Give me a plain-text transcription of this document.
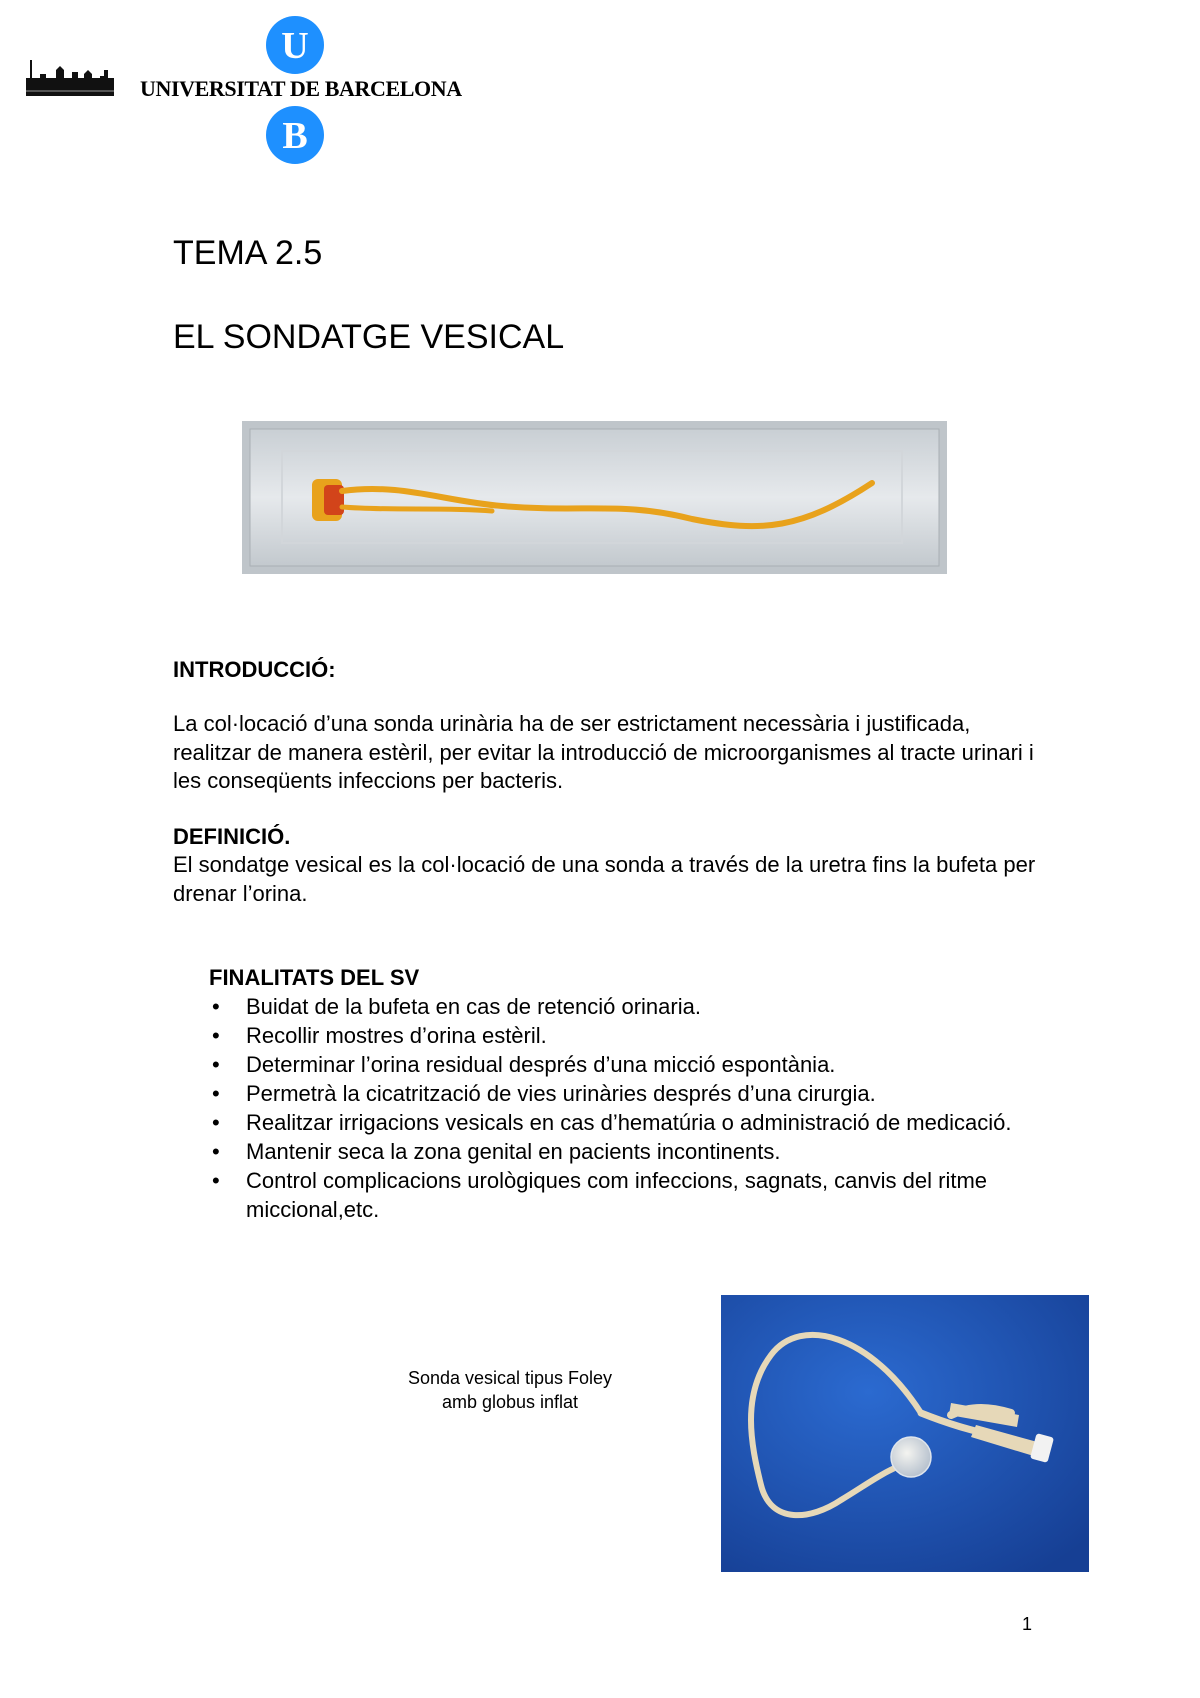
U
UNIVERSITAT DE BARCELONA
B
TEMA 2.5
EL SONDATGE VESICAL
INTRODUCCIÓ:
La col·locació d’una sonda urinària ha de ser estrictament necessària i justificada, realitzar de manera estèril, per evitar la introducció de microorganismes al tracte urinari i les conseqüents infeccions per bacteris.
DEFINICIÓ.
El sondatge vesical es la col·locació de una sonda a través de la uretra fins la bufeta per drenar l’orina.
FINALITATS DEL SV
• Buidat de la bufeta en cas de retenció orinaria.
• Recollir mostres d’orina estèril.
• Determinar l’orina residual després d’una micció espontània.
• Permetrà la cicatrització de vies urinàries després d’una cirurgia.
• Realitzar irrigacions vesicals en cas d’hematúria o administració de medicació.
• Mantenir seca la zona genital en pacients incontinents.
• Control complicacions urològiques com infeccions, sagnats, canvis del ritme miccional,etc.
Sonda vesical tipus Foley
amb globus inflat
1
